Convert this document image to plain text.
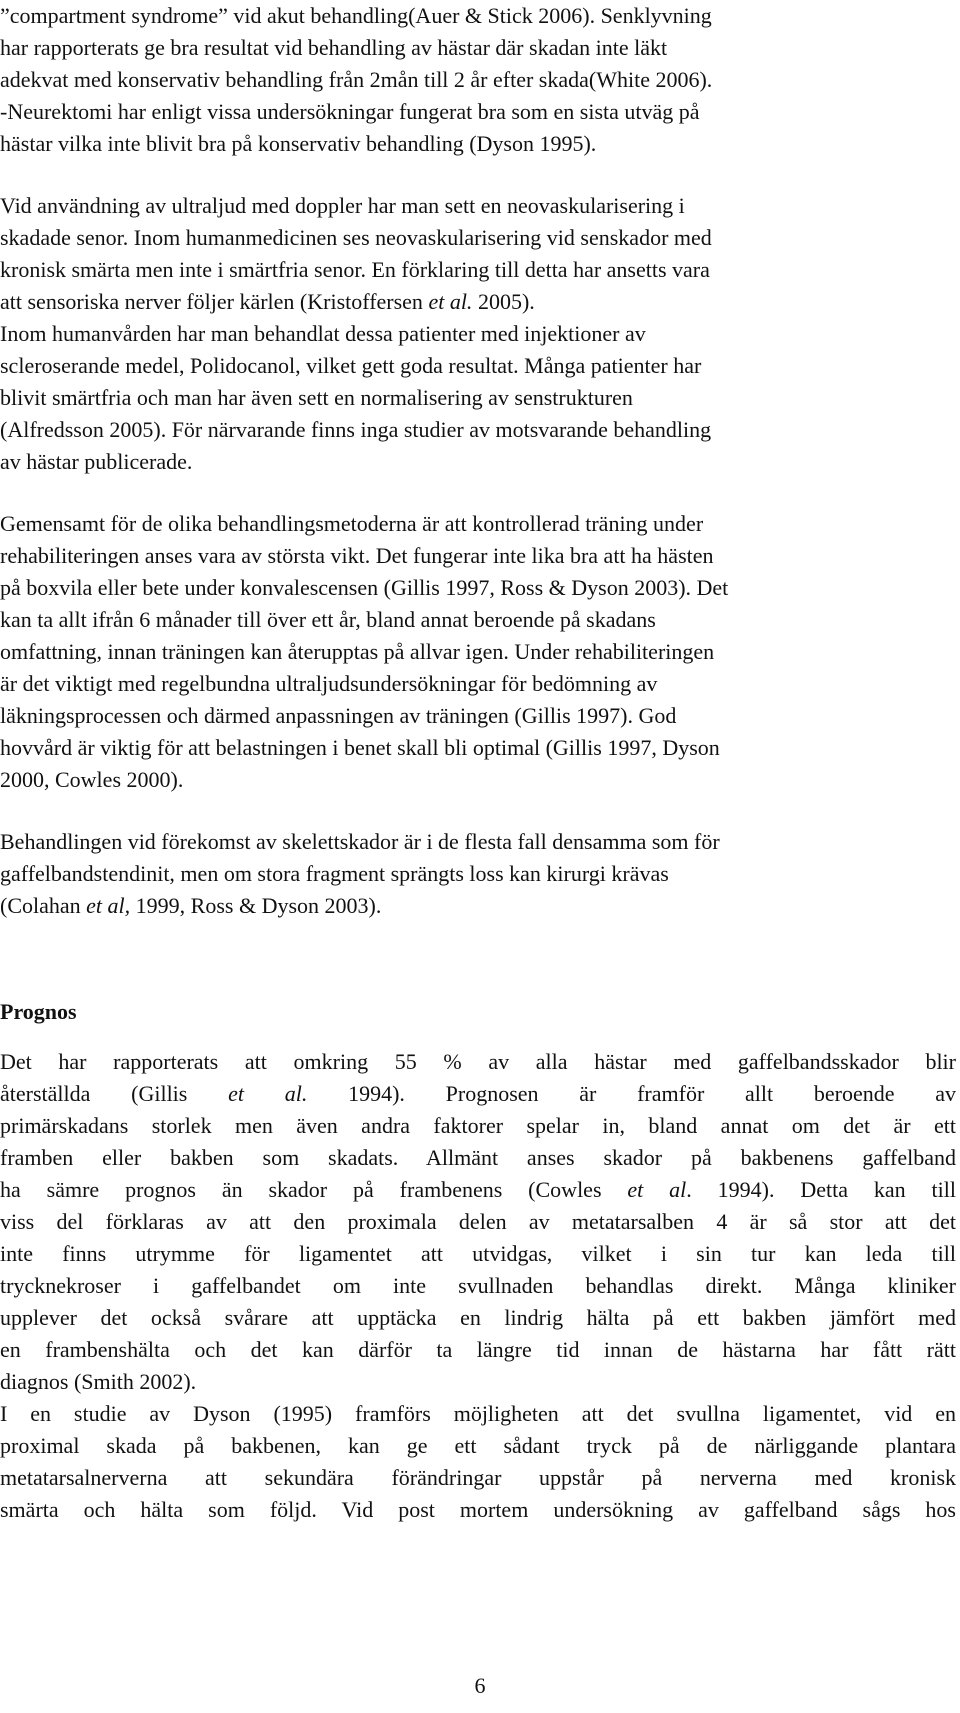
”compartment syndrome” vid akut behandling(Auer & Stick 2006). Senklyvning
har rapporterats ge bra resultat vid behandling av hästar där skadan inte läkt
adekvat med konservativ behandling från 2mån till 2 år efter skada(White 2006).
-Neurektomi har enligt vissa undersökningar fungerat bra som en sista utväg på
hästar vilka inte blivit bra på konservativ behandling (Dyson 1995).
Vid användning av ultraljud med doppler har man sett en neovaskularisering i
skadade senor. Inom humanmedicinen ses neovaskularisering vid senskador med
kronisk smärta men inte i smärtfria senor. En förklaring till detta har ansetts vara
att sensoriska nerver följer kärlen (Kristoffersen et al. 2005).
Inom humanvården har man behandlat dessa patienter med injektioner av
scleroserande medel, Polidocanol, vilket gett goda resultat. Många patienter har
blivit smärtfria och man har även sett en normalisering av senstrukturen
(Alfredsson 2005). För närvarande finns inga studier av motsvarande behandling
av hästar publicerade.
Gemensamt för de olika behandlingsmetoderna är att kontrollerad träning under
rehabiliteringen anses vara av största vikt. Det fungerar inte lika bra att ha hästen
på boxvila eller bete under konvalescensen (Gillis 1997, Ross & Dyson 2003). Det
kan ta allt ifrån 6 månader till över ett år, bland annat beroende på skadans
omfattning, innan träningen kan återupptas på allvar igen. Under rehabiliteringen
är det viktigt med regelbundna ultraljudsundersökningar för bedömning av
läkningsprocessen och därmed anpassningen av träningen (Gillis 1997). God
hovvård är viktig för att belastningen i benet skall bli optimal (Gillis 1997, Dyson
2000, Cowles 2000).
Behandlingen vid förekomst av skelettskador är i de flesta fall densamma som för
gaffelbandstendinit, men om stora fragment sprängts loss kan kirurgi krävas
(Colahan et al, 1999, Ross & Dyson 2003).
Prognos
Det har rapporterats att omkring 55 % av alla hästar med gaffelbandsskador blir
återställda (Gillis et al. 1994). Prognosen är framför allt beroende av
primärskadans storlek men även andra faktorer spelar in, bland annat om det är ett
framben eller bakben som skadats. Allmänt anses skador på bakbenens gaffelband
ha sämre prognos än skador på frambenens (Cowles et al. 1994). Detta kan till
viss del förklaras av att den proximala delen av metatarsalben 4 är så stor att det
inte finns utrymme för ligamentet att utvidgas, vilket i sin tur kan leda till
trycknekroser i gaffelbandet om inte svullnaden behandlas direkt. Många kliniker
upplever det också svårare att upptäcka en lindrig hälta på ett bakben jämfört med
en frambenshälta och det kan därför ta längre tid innan de hästarna har fått rätt
diagnos (Smith 2002).
I en studie av Dyson (1995) framförs möjligheten att det svullna ligamentet, vid en
proximal skada på bakbenen, kan ge ett sådant tryck på de närliggande plantara
metatarsalnerverna att sekundära förändringar uppstår på nerverna med kronisk
smärta och hälta som följd. Vid post mortem undersökning av gaffelband sågs hos
6
